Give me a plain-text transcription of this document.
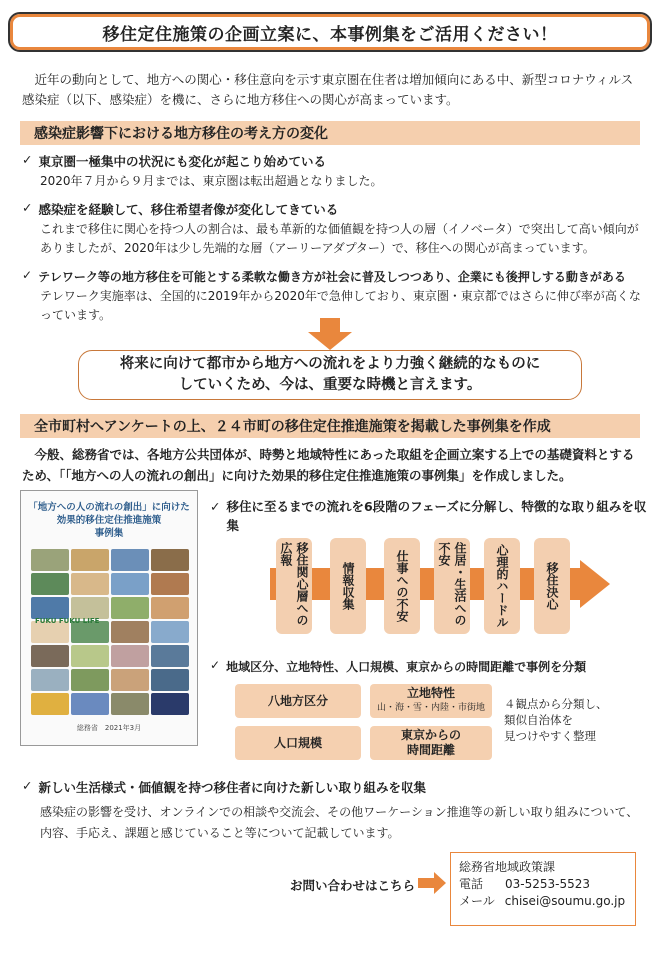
移住定住施策の企画立案に、本事例集をご活用ください！

近年の動向として、地方への関心・移住意向を示す東京圏在住者は増加傾向にある中、新型コロナウィルス感染症（以下、感染症）を機に、さらに地方移住への関心が高まっています。

感染症影響下における地方移住の考え方の変化
✓ 東京圏一極集中の状況にも変化が起こり始めている

2020年７月から９月までは、東京圏は転出超過となりました。

✓ 感染症を経験して、移住希望者像が変化してきている

これまで移住に関心を持つ人の割合は、最も革新的な価値観を持つ人の層（イノベータ）で突出して高い傾向がありましたが、2020年は少し先端的な層（アーリーアダプター）で、移住への関心が高まっています。

✓ テレワーク等の地方移住を可能とする柔軟な働き方が社会に普及しつつあり、企業にも後押しする動きがある

テレワーク実施率は、全国的に2019年から2020年で急伸しており、東京圏・東京都ではさらに伸び率が高くなっています。

将来に向けて都市から地方への流れをより力強く継続的なものに
していくため、今は、重要な時機と言えます。
全市町村へアンケートの上、２４市町の移住定住推進施策を掲載した事例集を作成

今般、総務省では、各地方公共団体が、時勢と地域特性にあった取組を企画立案する上での基礎資料とするため、「「地方への人の流れの創出」に向けた効果的移住定住推進施策の事例集」を作成しました。

「地方への人の流れの創出」に向けた
効果的移住定住推進施策
事例集
FUKU FUKU LIFE
総務省　2021年3月
✓ 移住に至るまでの流れを6段階のフェーズに分解し、特徴的な取り組みを収集
移住関心層への広報
情報収集	仕事への不安	住居・生活への不安	心理的ハードル	移住決心
✓ 地域区分、立地特性、人口規模、東京からの時間距離で事例を分類
八地方区分
立地特性
山・海・雪・内陸・市街地
人口規模
東京からの
時間距離
４観点から分類し、
類似自治体を
見つけやすく整理
✓ 新しい生活様式・価値観を持つ移住者に向けた新しい取り組みを収集

感染症の影響を受け、オンラインでの相談や交流会、その他ワーケーション推進等の新しい取り組みについて、内容、手応え、課題と感じていること等について記載しています。

お問い合わせはこちら
総務省地域政策課
電話 03-5253-5523
メール chisei@soumu.go.jp
